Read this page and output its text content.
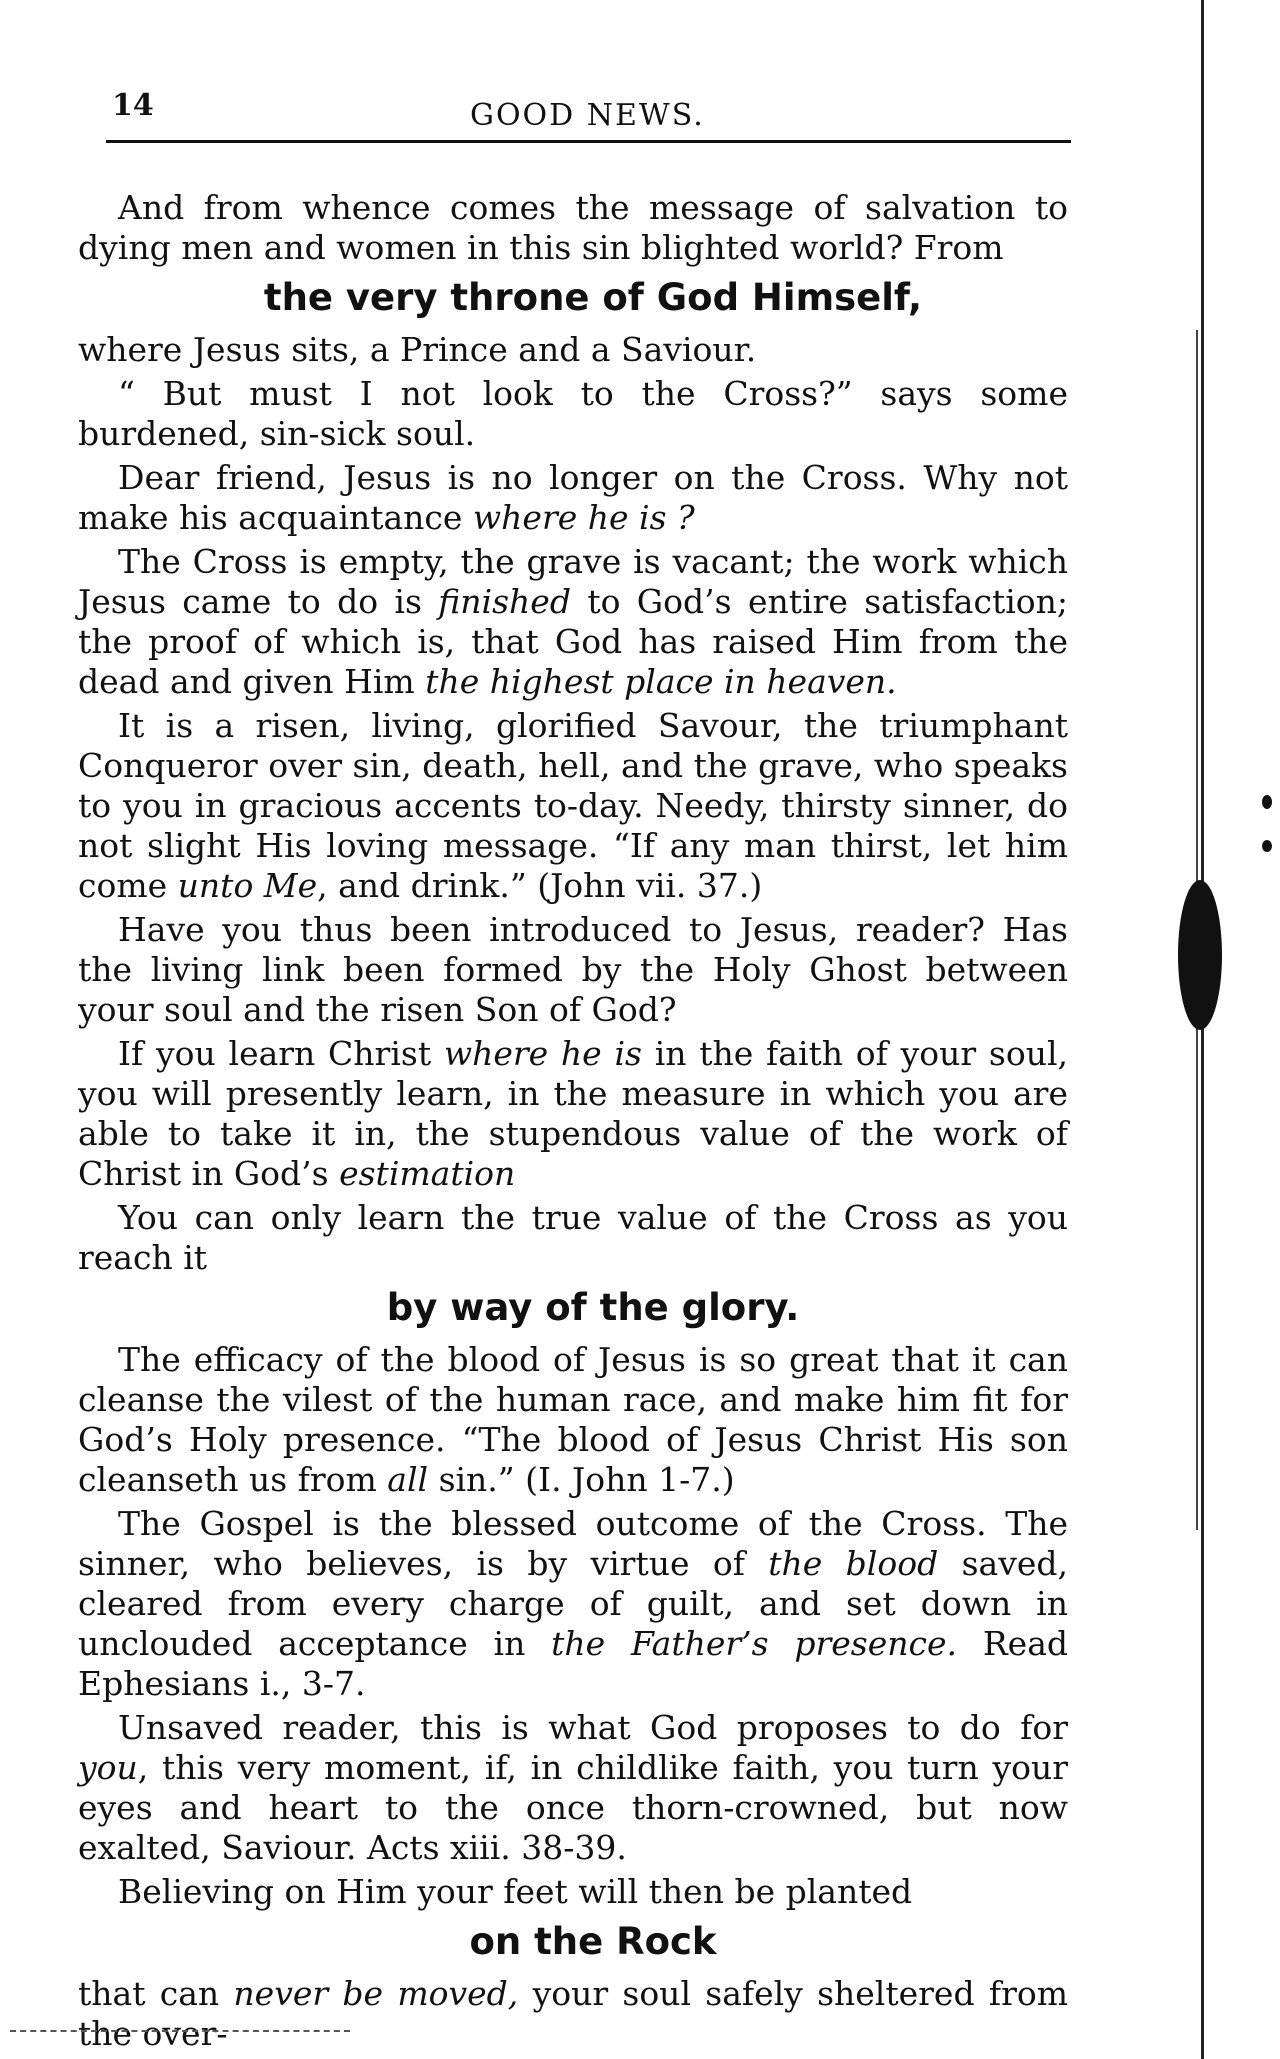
14	GOOD NEWS.

And from whence comes the message of salvation to dying men and women in this sin blighted world? From

the very throne of God Himself,

where Jesus sits, a Prince and a Saviour.

“ But must I not look to the Cross?” says some burdened, sin-sick soul.

Dear friend, Jesus is no longer on the Cross. Why not make his acquaintance where he is ?

The Cross is empty, the grave is vacant; the work which Jesus came to do is finished to God’s entire satisfaction; the proof of which is, that God has raised Him from the dead and given Him the highest place in heaven.

It is a risen, living, glorified Savour, the triumphant Conqueror over sin, death, hell, and the grave, who speaks to you in gracious accents to-day. Needy, thirsty sinner, do not slight His loving message. “If any man thirst, let him come unto Me, and drink.” (John vii. 37.)

Have you thus been introduced to Jesus, reader? Has the living link been formed by the Holy Ghost between your soul and the risen Son of God?

If you learn Christ where he is in the faith of your soul, you will presently learn, in the measure in which you are able to take it in, the stupendous value of the work of Christ in God’s estimation

You can only learn the true value of the Cross as you reach it

by way of the glory.

The efficacy of the blood of Jesus is so great that it can cleanse the vilest of the human race, and make him fit for God’s Holy presence. “The blood of Jesus Christ His son cleanseth us from all sin.” (I. John 1-7.)

The Gospel is the blessed outcome of the Cross. The sinner, who believes, is by virtue of the blood saved, cleared from every charge of guilt, and set down in unclouded acceptance in the Father’s presence. Read Ephesians i., 3-7.

Unsaved reader, this is what God proposes to do for you, this very moment, if, in childlike faith, you turn your eyes and heart to the once thorn-crowned, but now exalted, Saviour. Acts xiii. 38-39.

Believing on Him your feet will then be planted

on the Rock

that can never be moved, your soul safely sheltered from the over-
